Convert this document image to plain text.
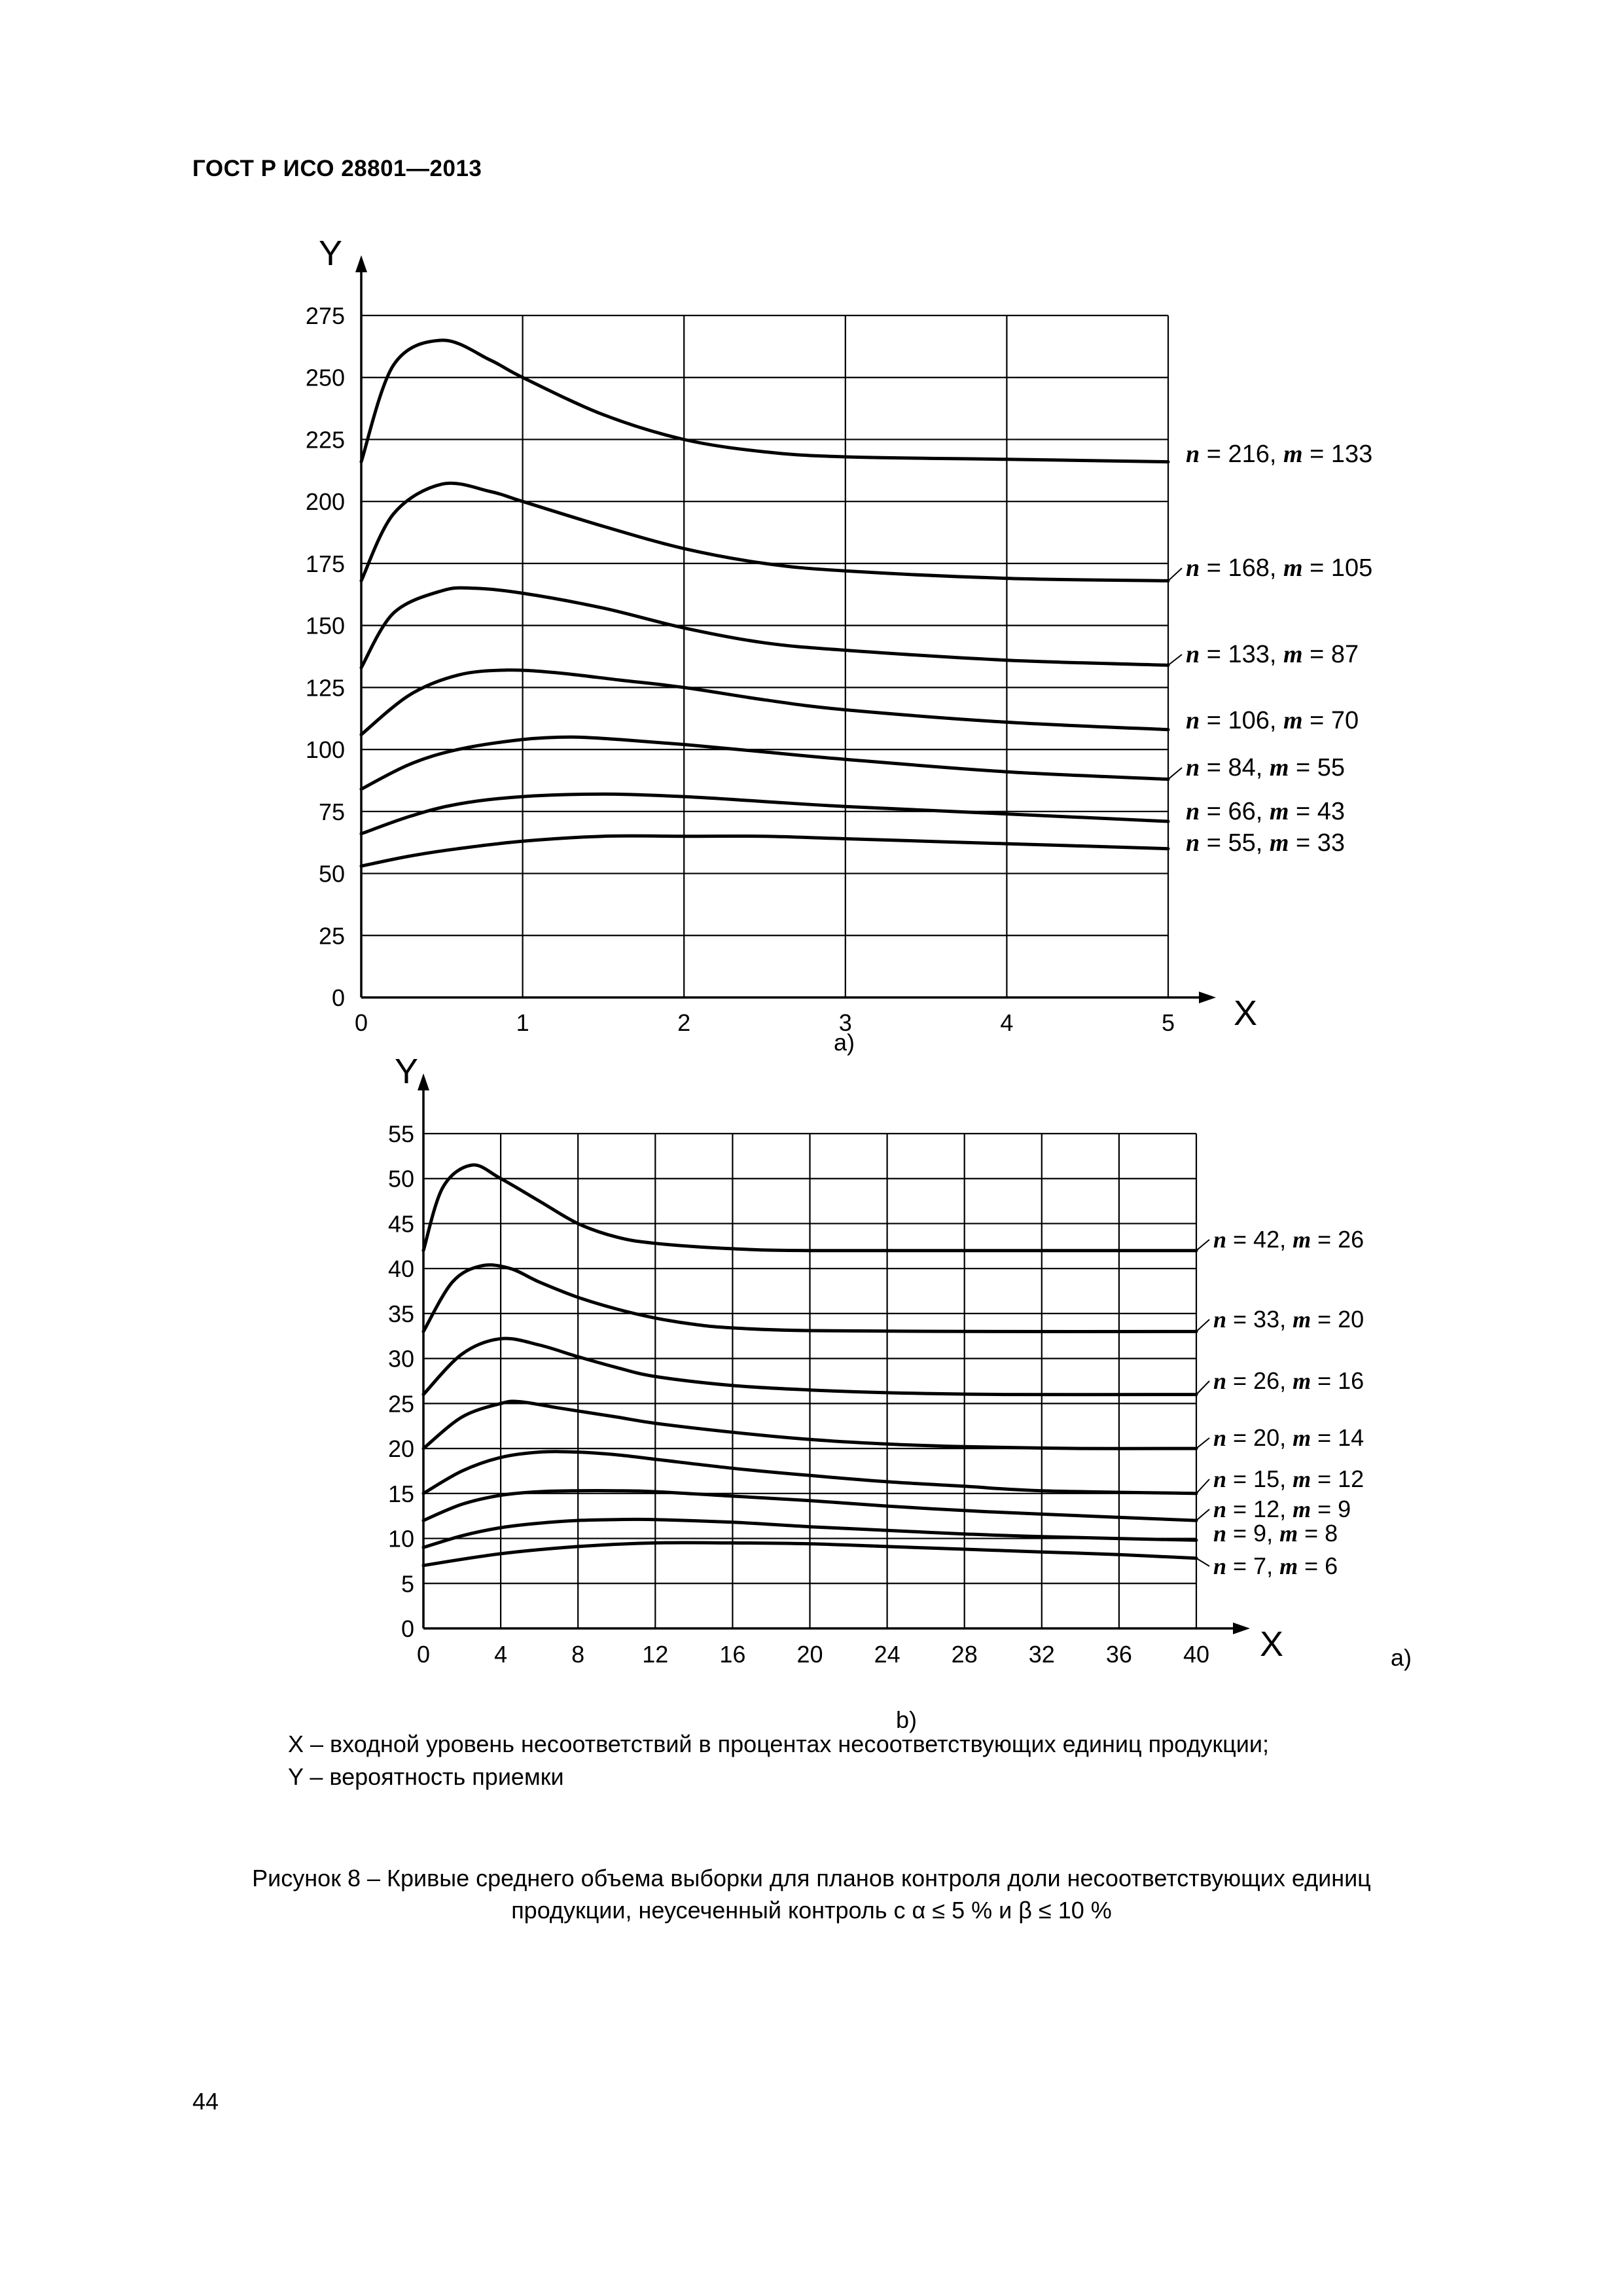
ГОСТ Р ИСО 28801—2013
0	1	2	3	4	5
0
25
50
75
100
125
150
175
200
225
250
275
Y
X
n = 216, m = 133
n = 168, m = 105
n = 133, m = 87
n = 106, m = 70
n = 84, m = 55
n = 66, m = 43
n = 55, m = 33
a)
0	4	8 12 16 20 24 28 32 36 40
0
5
10
15
20
25
30
35
40
45
50
55
Y
X
n = 42, m = 26
n = 33, m = 20
n = 26, m = 16
n = 20, m = 14
n = 15, m = 12
n = 12, m = 9
n = 9, m = 8
n = 7, m = 6
b)
a)
X – входной уровень несоответствий в процентах несоответствующих единиц продукции;
Y – вероятность приемки
Рисунок 8 – Кривые среднего объема выборки для планов контроля доли несоответствующих единиц
продукции, неусеченный контроль с α ≤ 5 % и β ≤ 10 %
44
